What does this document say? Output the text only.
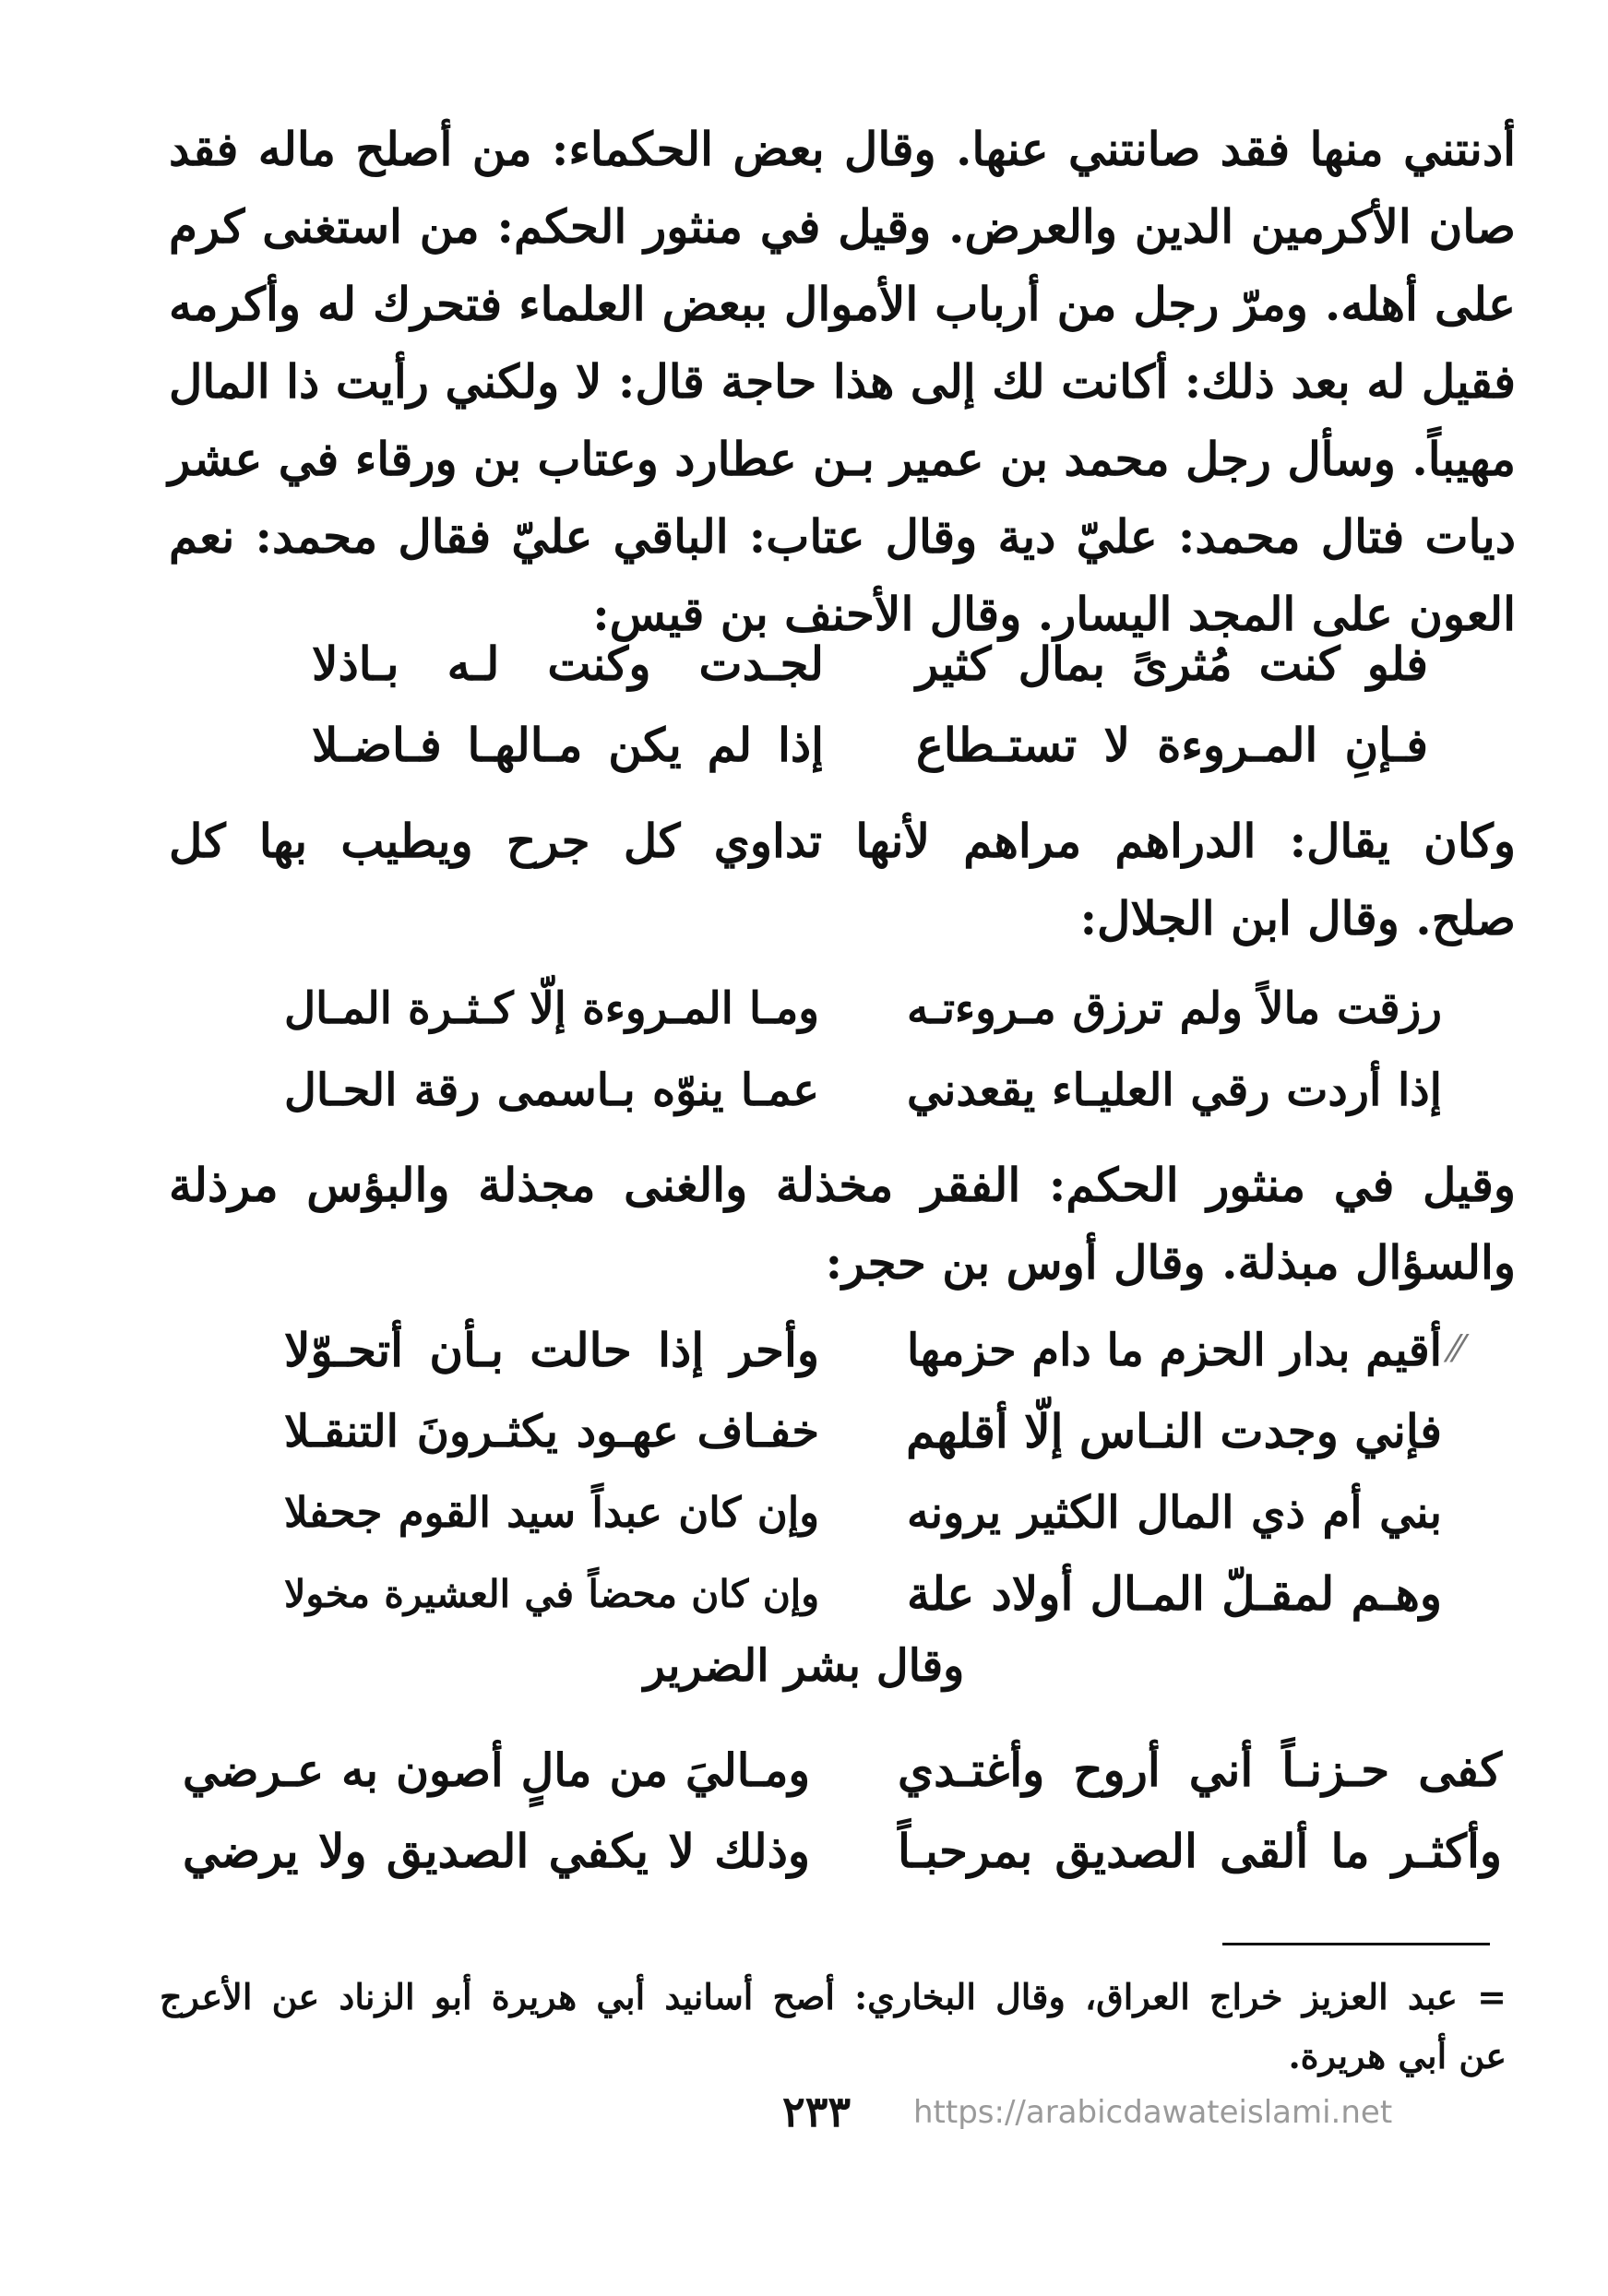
أدنتني منها فقد صانتني عنها. وقال بعض الحكماء: من أصلح ماله فقد
صان الأكرمين الدين والعرض. وقيل في منثور الحكم: من استغنى كرم
على أهله. ومرّ رجل من أرباب الأموال ببعض العلماء فتحرك له وأكرمه
فقيل له بعد ذلك: أكانت لك إلى هذا حاجة قال: لا ولكني رأيت ذا المال
مهيباً. وسأل رجل محمد بن عمير بـن عطارد وعتاب بن ورقاء في عشر
ديات فتال محمد: عليّ دية وقال عتاب: الباقي عليّ فقال محمد: نعم
العون على المجد اليسار. وقال الأحنف بن قيس:
فلو كنت مُثرىً بمال كثير
لجـدت وكنت لـه بـاذلا
فـإنِ المـروءة لا تستـطاع
إذا لم يكن مـالهـا فـاضـلا
وكان يقال: الدراهم مراهم لأنها تداوي كل جرح ويطيب بها كل
صلح. وقال ابن الجلال:
رزقت مالاً ولم ترزق مـروءتـه
ومـا المـروءة إلّا كـثـرة المـال
إذا أردت رقي العليـاء يقعدني
عمـا ينوّه بـاسمى رقة الحـال
وقيل في منثور الحكم: الفقر مخذلة والغنى مجذلة والبؤس مرذلة
والسؤال مبذلة. وقال أوس بن حجر:
أقيم بدار الحزم ما دام حزمها
وأحر إذا حالت بـأن أتحـوّلا
فإني وجدت النـاس إلّا أقلهم
خفـاف عهـود يكثـرونَ التنقـلا
بني أم ذي المال الكثير يرونه
وإن كان عبداً سيد القوم جحفلا
وهـم لمقـلّ المـال أولاد علة
وإن كان محضاً في العشيرة مخولا
وقال بشر الضرير
كفى حـزنـاً أني أروح وأغتـدي
ومـاليَ من مالٍ أصون به عـرضي
وأكثـر ما ألقى الصديق بمرحبـاً
وذلك لا يكفي الصديق ولا يرضي
= عبد العزيز خراج العراق، وقال البخاري: أصح أسانيد أبي هريرة أبو الزناد عن الأعرج
عن أبي هريرة.
٢٣٣ https://arabicdawateislami.net
⁄⁄
